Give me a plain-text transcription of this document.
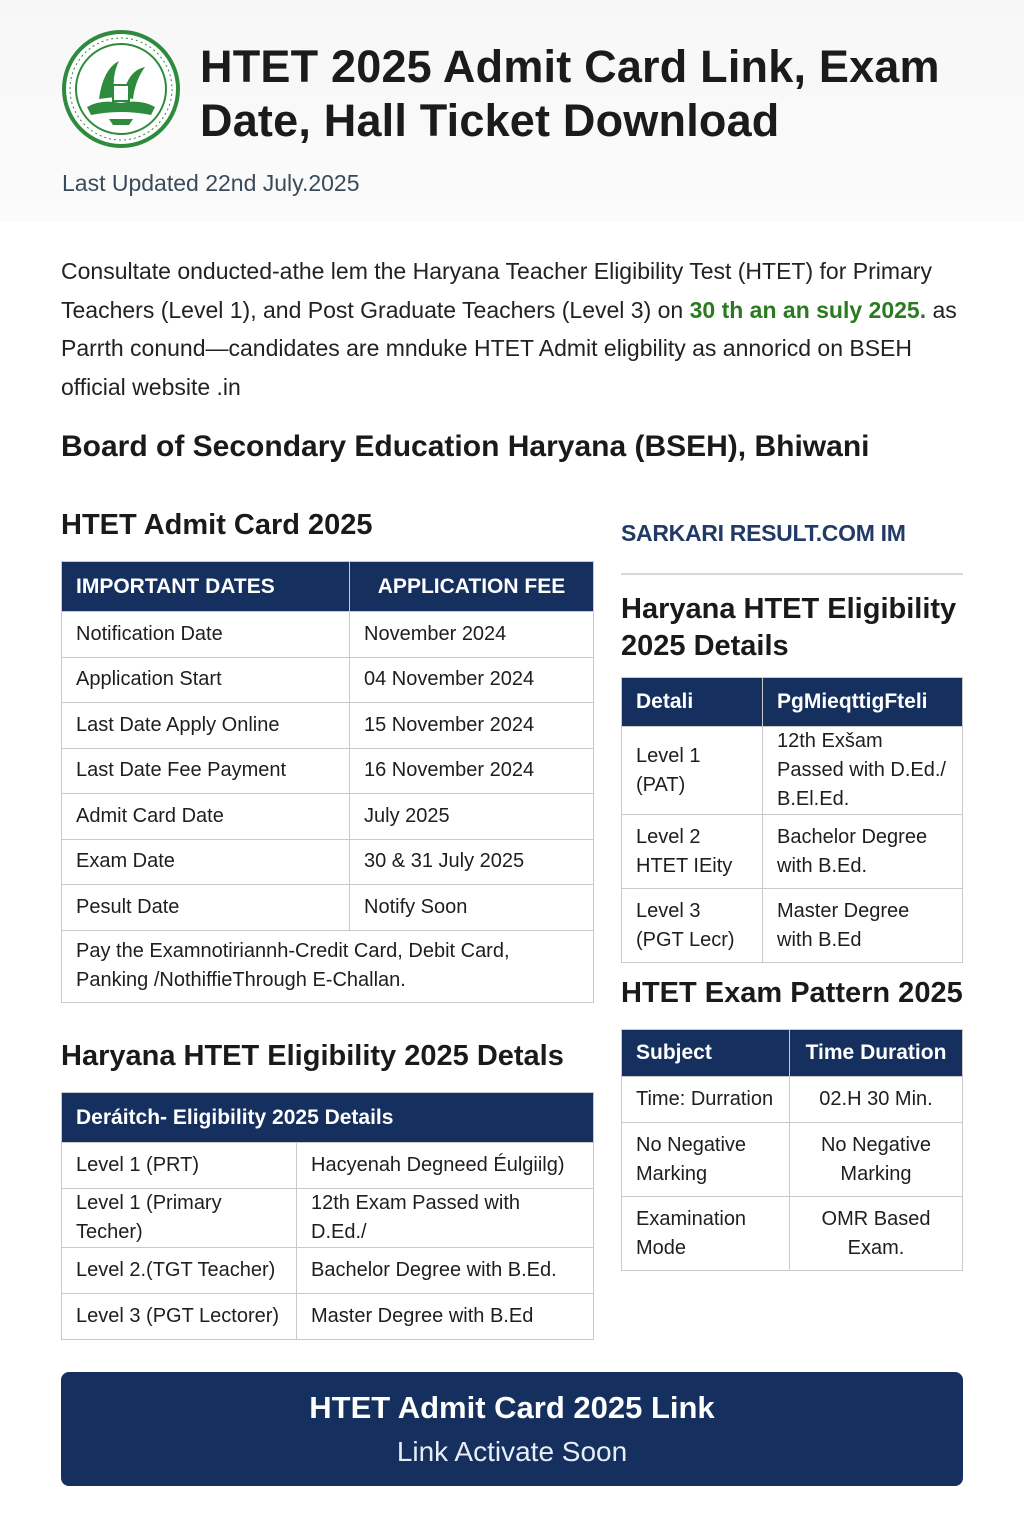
HTET 2025 Admit Card Link, Exam Date, Hall Ticket Download
Last Updated 22nd July.2025

Consultate onducted-athe lem the Haryana Teacher Eligibility Test (HTET) for Primary Teachers (Level 1), and Post Graduate Teachers (Level 3) on 30 th an an suly 2025. as Parrth conund—candidates are mnduke HTET Admit eligbility as annoricd on BSEH official website .in

Board of Secondary Education Haryana (BSEH), Bhiwani
HTET Admit Card 2025
IMPORTANT DATES	APPLICATION FEE
Notification Date	November 2024
Application Start	04 November 2024
Last Date Apply Online	15 November 2024
Last Date Fee Payment	16 November 2024
Admit Card Date	July 2025
Exam Date	30 & 31 July 2025
Pesult Date	Notify Soon
Pay the Examnotiriannh-Credit Card, Debit Card, Panking /NothiffieThrough E-Challan.	
Haryana HTET Eligibility 2025 Detals
Deráitch- Eligibility 2025 Details	
Level 1 (PRT)	Hacyenah Degneed Éulgiilɡ)
Level 1 (Primary Techer)	12th Exam Passed with D.Ed./
Level 2.(TGT Teacher)	Bachelor Degree with B.Ed.
Level 3 (PGT Lectorer)	Master Degree with B.Ed
SARKARI RESULT.COM IM
Haryana HTET Eligibility 2025 Details
Detali	PgMieqttigFteli
Level 1 (PAT)	12th Exšam Passed with D.Ed./ B.El.Ed.
Level 2 HTET IEity	Bachelor Degree with B.Ed.
Level 3 (PGT Lecr)	Master Degree with B.Ed
HTET Exam Pattern 2025
Subject	Time Duration
Time: Durration	02.H 30 Min.
No Negative Marking	No Negative Marking
Examination Mode	OMR Based Exam.
HTET Admit Card 2025 Link
Link Activate Soon
